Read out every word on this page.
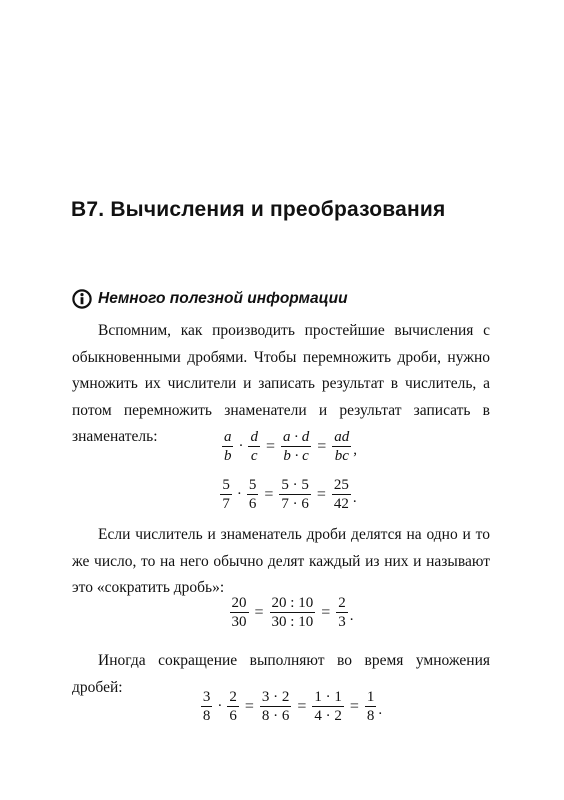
В7. Вычисления и преобразования
Немного полезной информации

Вспомним, как производить простейшие вычисления с обыкновенными дробями. Чтобы перемножить дроби, нужно умножить их числители и записать результат в числитель, а потом перемножить знаменатели и результат записать в знаменатель:	$\frac{a}{b} \cdot \frac{d}{c} = \frac{a \cdot d}{b \cdot c} = \frac{ad}{bc}$ ,
$\frac{5}{7} \cdot \frac{5}{6} = \frac{5 \cdot 5}{7 \cdot 6} = \frac{25}{42}$ .

Если числитель и знаменатель дроби делятся на одно и то же число, то на него обычно делят каждый из них и называют это «сократить дробь»:

$\frac{20}{30} = \frac{20 : 10}{30 : 10} = \frac{2}{3}$ .

Иногда сокращение выполняют во время умножения дробей:

$\frac{3}{8} \cdot \frac{2}{6} = \frac{3 \cdot 2}{8 \cdot 6} = \frac{1 \cdot 1}{4 \cdot 2} = \frac{1}{8}$ .
